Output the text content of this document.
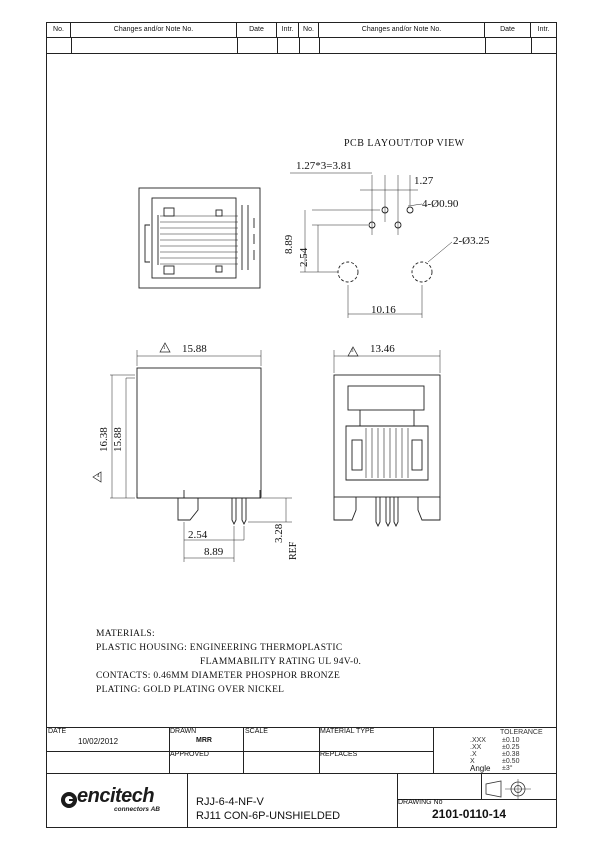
No.	Changes and/or Note No.	Date	Intr.	No.	Changes and/or Note No.	Date	Intr.
DATE
10/02/2012
DRAWN
MRR
SCALE	MATERIAL TYPE
APPROVED	REPLACES
TOLERANCE
.XXX ±0.10
.XX	±0.25
.X	±0.38
X	±0.50
Angle ±3°
encitech
connectors AB
RJJ-6-4-NF-V
RJ11 CON-6P-UNSHIELDED
DRAWING No
2101-0110-14
MATERIALS:
PLASTIC HOUSING: ENGINEERING THERMOPLASTIC
FLAMMABILITY RATING UL 94V-0.
CONTACTS: 0.46MM DIAMETER PHOSPHOR BRONZE
PLATING: GOLD PLATING OVER NICKEL
PCB LAYOUT/TOP VIEW
1.27*3=3.81
1.27
4-Ø0.90
2-Ø3.25
10.16
8.89
2.54
15.88
1
4
16.38 15.88
2.54
8.89
3.28
REF
13.46
3
